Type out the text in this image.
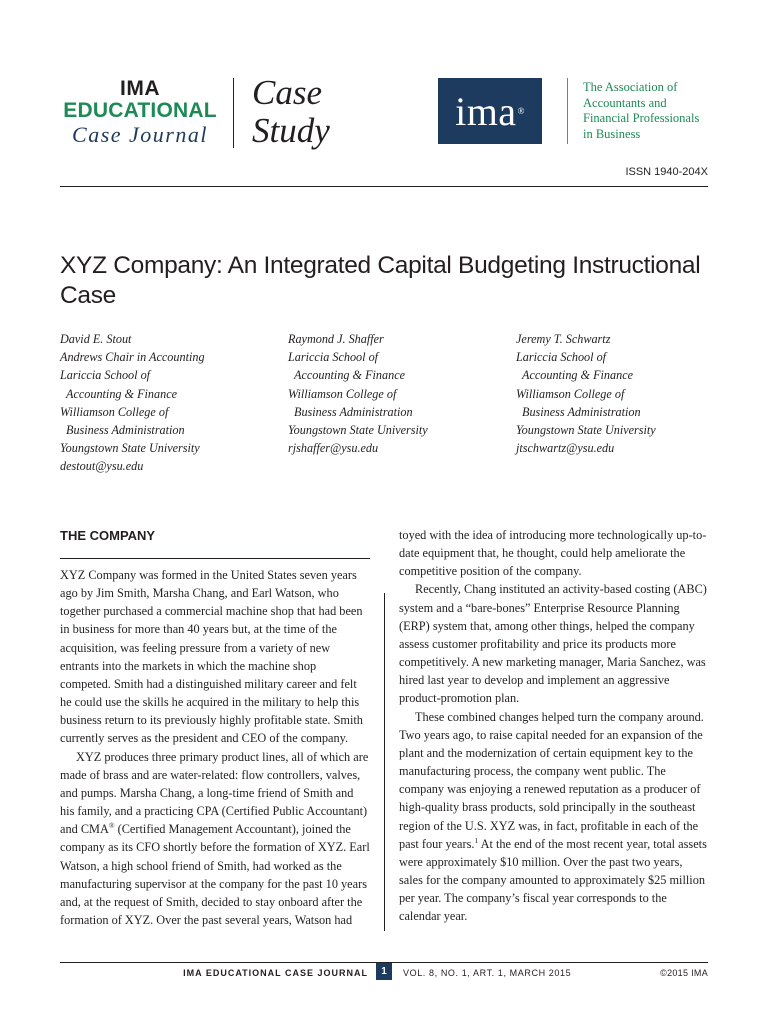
IMA
EDUCATIONAL
Case Journal
Case
Study	ima ®
The Association of
Accountants and
Financial Professionals
in Business
ISSN 1940-204X
XYZ Company: An Integrated Capital Budgeting Instructional Case
David E. Stout
Andrews Chair in Accounting
Lariccia School of
Accounting & Finance
Williamson College of
Business Administration
Youngstown State University
destout@ysu.edu
Raymond J. Shaffer
Lariccia School of
Accounting & Finance
Williamson College of
Business Administration
Youngstown State University
rjshaffer@ysu.edu
Jeremy T. Schwartz
Lariccia School of
Accounting & Finance
Williamson College of
Business Administration
Youngstown State University
jtschwartz@ysu.edu
THE COMPANY

XYZ Company was formed in the United States seven years ago by Jim Smith, Marsha Chang, and Earl Watson, who together purchased a commercial machine shop that had been in business for more than 40 years but, at the time of the acquisition, was feeling pressure from a variety of new entrants into the markets in which the machine shop competed. Smith had a distinguished military career and felt he could use the skills he acquired in the military to help this business return to its previously highly profitable state. Smith currently serves as the president and CEO of the company.

XYZ produces three primary product lines, all of which are made of brass and are water-related: flow controllers, valves, and pumps. Marsha Chang, a long-time friend of Smith and his family, and a practicing CPA (Certified Public Accountant) and CMA® (Certified Management Accountant), joined the company as its CFO shortly before the formation of XYZ. Earl Watson, a high school friend of Smith, had worked as the manufacturing supervisor at the company for the past 10 years and, at the request of Smith, decided to stay onboard after the formation of XYZ. Over the past several years, Watson had

toyed with the idea of introducing more technologically up-to-date equipment that, he thought, could help ameliorate the competitive position of the company.

Recently, Chang instituted an activity-based costing (ABC) system and a “bare-bones” Enterprise Resource Planning (ERP) system that, among other things, helped the company assess customer profitability and price its products more competitively. A new marketing manager, Maria Sanchez, was hired last year to develop and implement an aggressive product-promotion plan.

These combined changes helped turn the company around. Two years ago, to raise capital needed for an expansion of the plant and the modernization of certain equipment key to the manufacturing process, the company went public. The company was enjoying a renewed reputation as a producer of high-quality brass products, sold principally in the southeast region of the U.S. XYZ was, in fact, profitable in each of the past four years.$^1$ At the end of the most recent year, total assets were approximately $10 million. Over the past two years, sales for the company amounted to approximately $25 million per year. The company’s fiscal year corresponds to the calendar year.

IMA EDUCATIONAL CASE JOURNAL	1	VOL. 8, NO. 1, ART. 1, MARCH 2015	©2015 IMA
